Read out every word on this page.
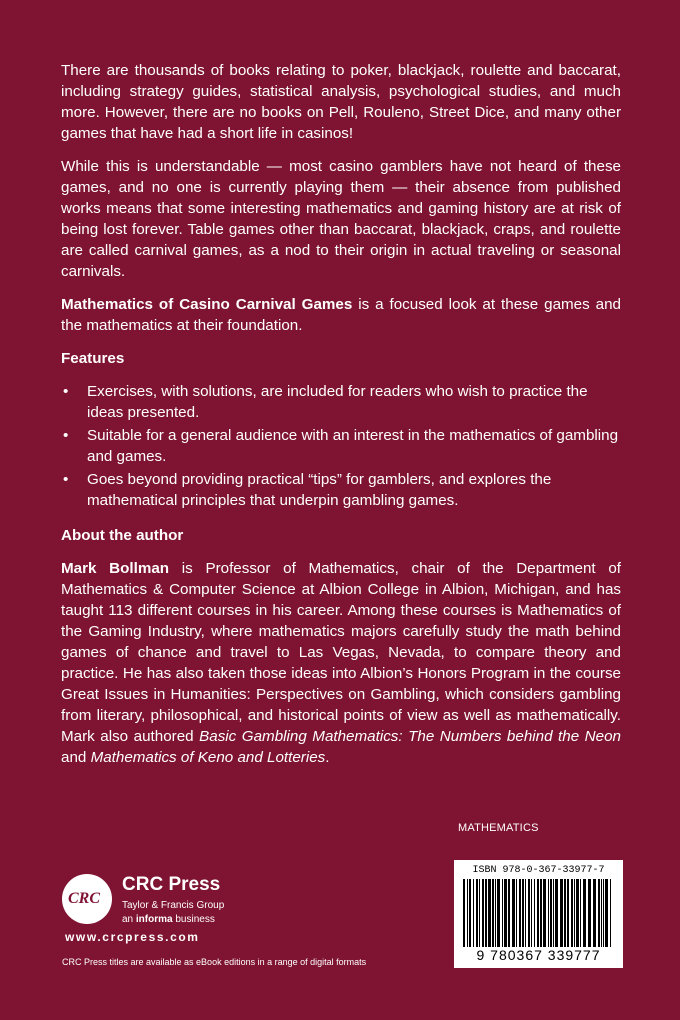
There are thousands of books relating to poker, blackjack, roulette and baccarat, including strategy guides, statistical analysis, psychological studies, and much more. However, there are no books on Pell, Rouleno, Street Dice, and many other games that have had a short life in casinos!

While this is understandable — most casino gamblers have not heard of these games, and no one is currently playing them — their absence from published works means that some interesting mathematics and gaming history are at risk of being lost forever. Table games other than baccarat, blackjack, craps, and roulette are called carnival games, as a nod to their origin in actual traveling or seasonal carnivals.

Mathematics of Casino Carnival Games is a focused look at these games and the mathematics at their foundation.

Features
• Exercises, with solutions, are included for readers who wish to practice the ideas presented.
• Suitable for a general audience with an interest in the mathematics of gambling and games.
• Goes beyond providing practical “tips” for gamblers, and explores the mathematical principles that underpin gambling games.
About the author

Mark Bollman is Professor of Mathematics, chair of the Department of Mathematics & Computer Science at Albion College in Albion, Michigan, and has taught 113 different courses in his career. Among these courses is Mathematics of the Gaming Industry, where mathematics majors carefully study the math behind games of chance and travel to Las Vegas, Nevada, to compare theory and practice. He has also taken those ideas into Albion’s Honors Program in the course Great Issues in Humanities: Perspectives on Gambling, which considers gambling from literary, philosophical, and historical points of view as well as mathematically. Mark also authored Basic Gambling Mathematics: The Numbers behind the Neon and Mathematics of Keno and Lotteries.

MATHEMATICS
CRC
CRC Press
Taylor & Francis Group
an informa business
www.crcpress.com
CRC Press titles are available as eBook editions in a range of digital formats
ISBN 978-0-367-33977-7
9 780367 339777
